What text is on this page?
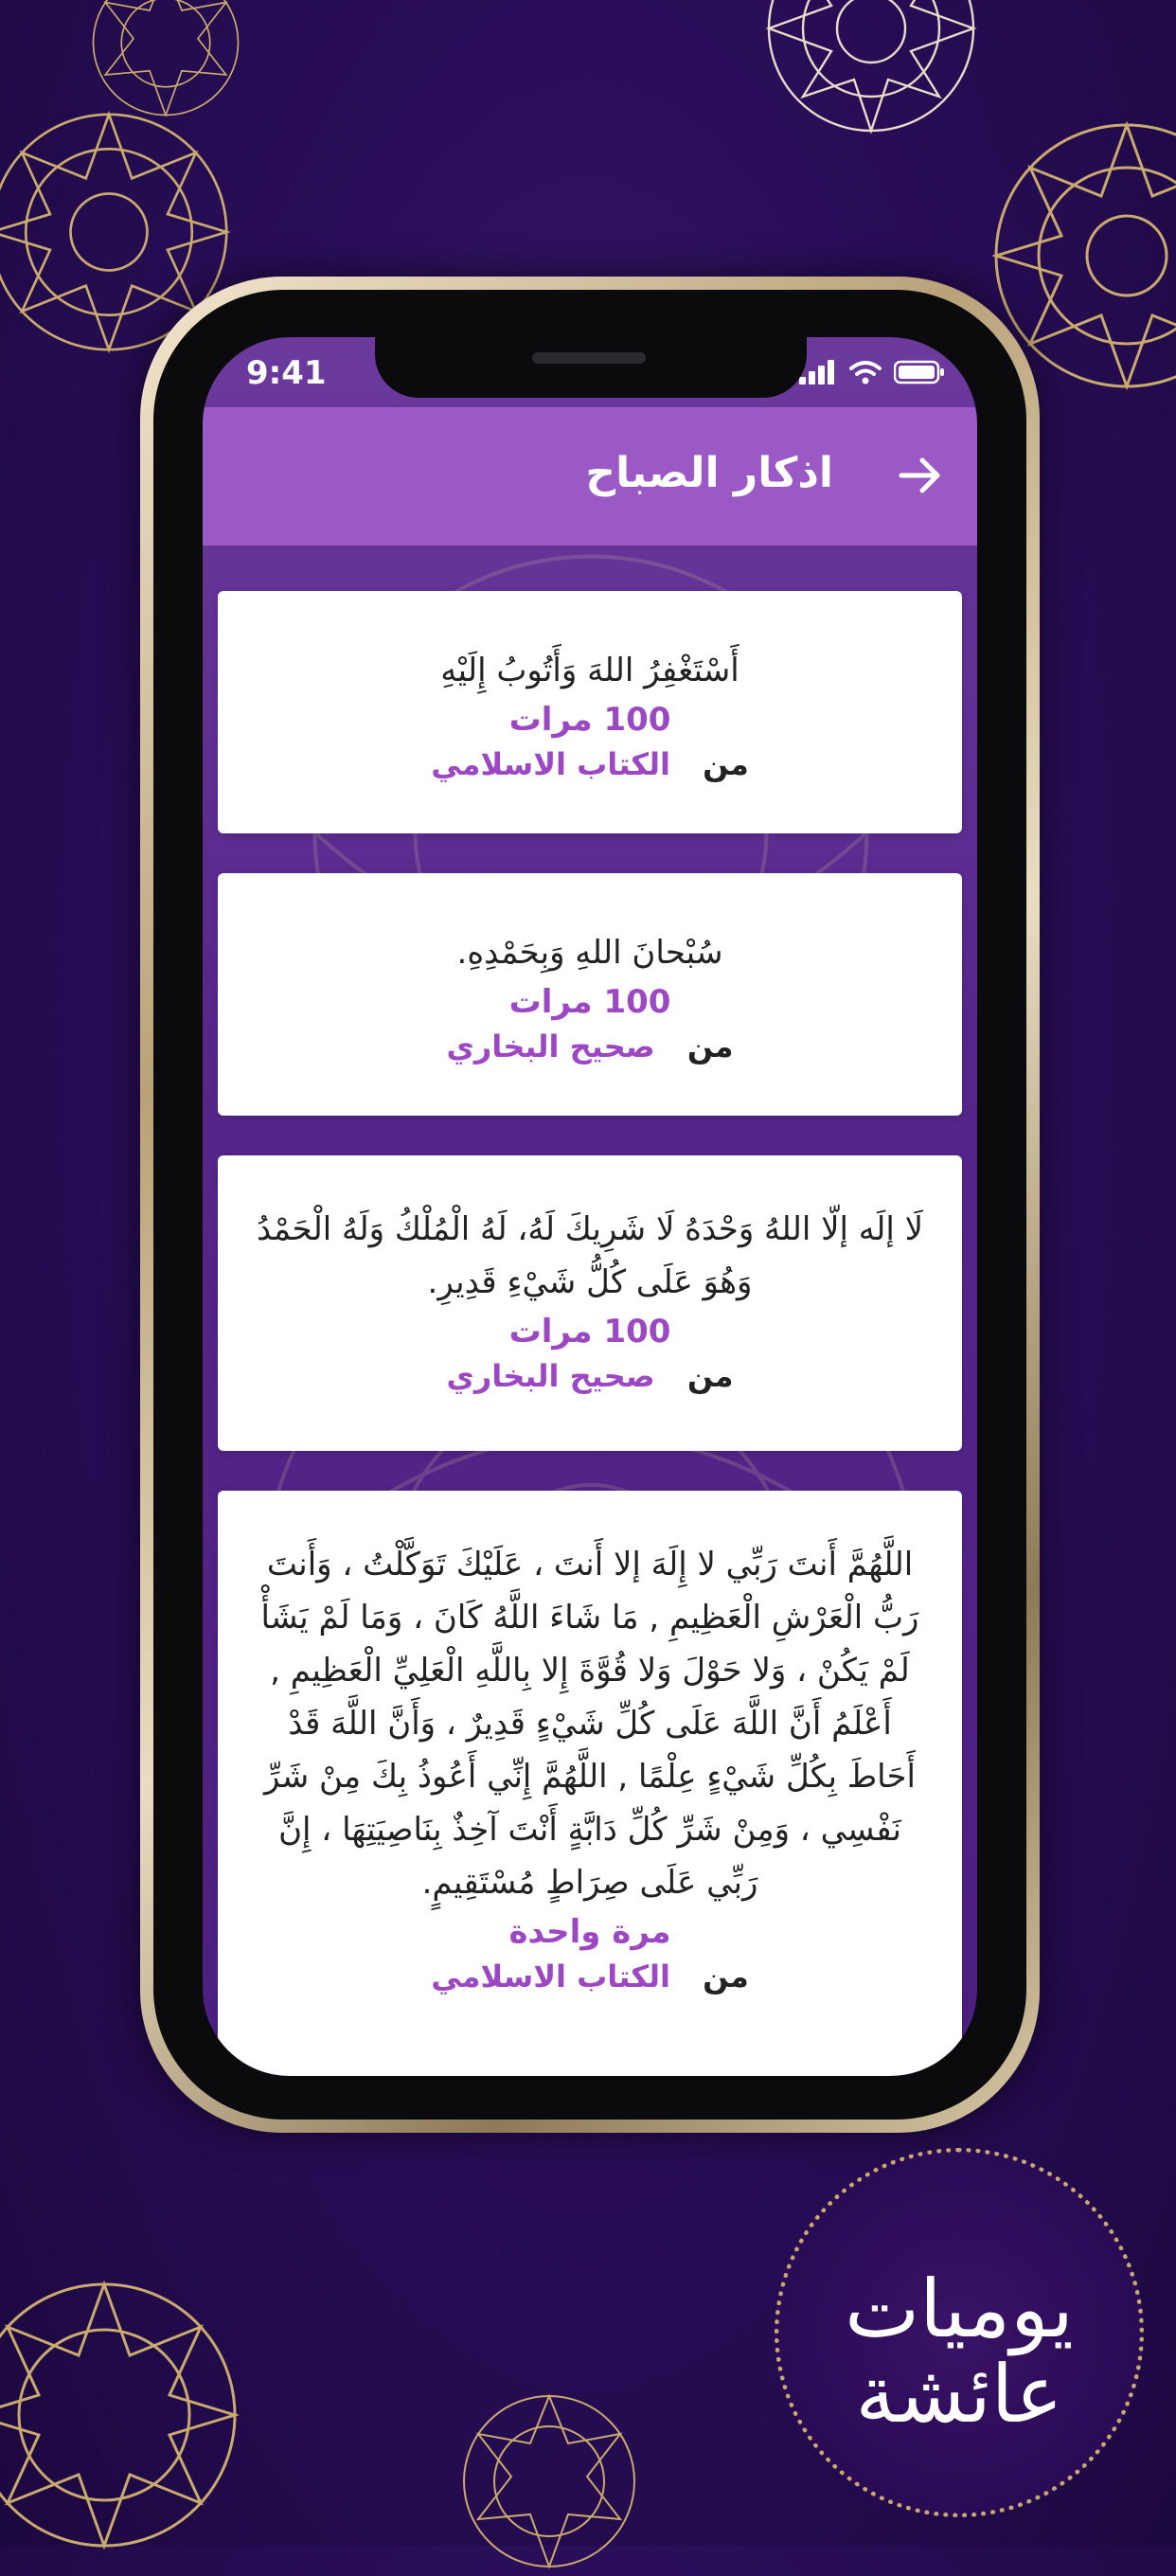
9:41
اذكار الصباح
أَسْتَغْفِرُ اللهَ وَأَتُوبُ إِلَيْهِ
100 مرات
من الكتاب الاسلامي
سُبْحانَ اللهِ وَبِحَمْدِهِ.
100 مرات
من صحيح البخاري
لَا إلَه إلّا اللهُ وَحْدَهُ لَا شَرِيكَ لَهُ، لَهُ الْمُلْكُ وَلَهُ الْحَمْدُ وَهُوَ عَلَى كُلُّ شَيْءِ قَدِيرِ.
100 مرات
من صحيح البخاري
اللَّهُمَّ أَنتَ رَبِّي لا إِلَهَ إلا أَنتَ ، عَلَيْكَ تَوَكَّلْتُ ، وَأَنتَ رَبُّ الْعَرْشِ الْعَظِيمِ , مَا شَاءَ اللَّهُ كَانَ ، وَمَا لَمْ يَشَأْ لَمْ يَكُنْ ، وَلا حَوْلَ وَلا قُوَّةَ إِلا بِاللَّهِ الْعَلِيِّ الْعَظِيمِ , أَعْلَمُ أَنَّ اللَّهَ عَلَى كُلِّ شَيْءٍ قَدِيرٌ ، وَأَنَّ اللَّهَ قَدْ أَحَاطَ بِكُلِّ شَيْءٍ عِلْمًا , اللَّهُمَّ إِنِّي أَعُوذُ بِكَ مِنْ شَرِّ نَفْسِي ، وَمِنْ شَرِّ كُلِّ دَابَّةٍ أَنْتَ آخِذٌ بِنَاصِيَتِهَا ، إِنَّ رَبِّي عَلَى صِرَاطٍ مُسْتَقِيمٍ.
مرة واحدة
من الكتاب الاسلامي
يوميات عائشة
